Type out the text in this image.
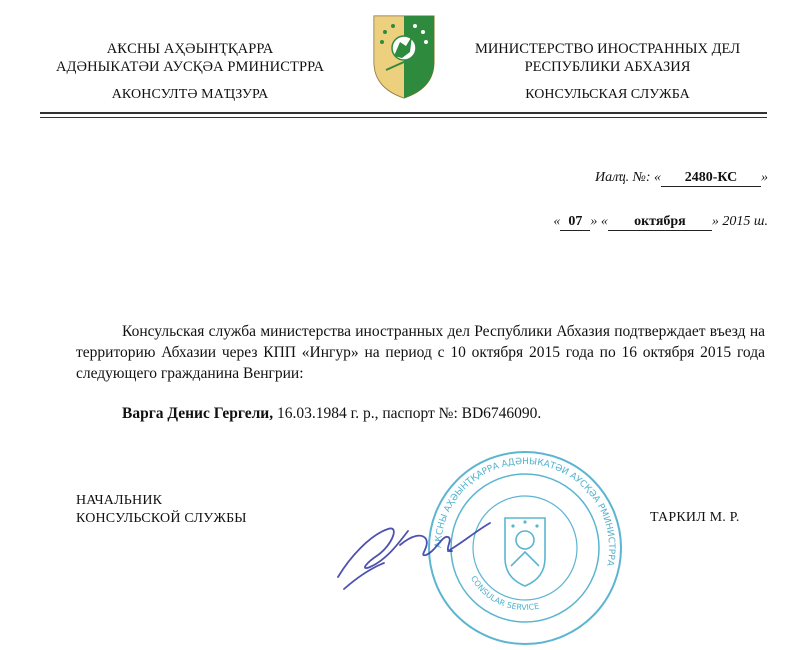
АҞСНЫ АҲӘЫНҬҚАРРА
АДӘНЫКАТӘИ АУСҚӘА РМИНИСТРРА
АКОНСУЛТӘ МАҴЗУРА
МИНИСТЕРСТВО ИНОСТРАННЫХ ДЕЛ
РЕСПУБЛИКИ АБХАЗИЯ
КОНСУЛЬСКАЯ СЛУЖБА
Иалҵ. №: « 2480-КС »
« 07 » « октября » 2015 ш.
Консульская служба министерства иностранных дел Республики Абхазия подтверждает въезд на территорию Абхазии через КПП «Ингур» на период с 10 октября 2015 года по 16 октября 2015 года следующего гражданина Венгрии:
Варга Денис Гергели, 16.03.1984 г. р., паспорт №: BD6746090.
НАЧАЛЬНИК
КОНСУЛЬСКОЙ СЛУЖБЫ	ТАРКИЛ М. Р.
АҞСНЫ АҲӘЫНҬҚАРРА АДӘНЫКАТӘИ АУСҚӘА РМИНИСТРРА
CONSULAR SERVICE
